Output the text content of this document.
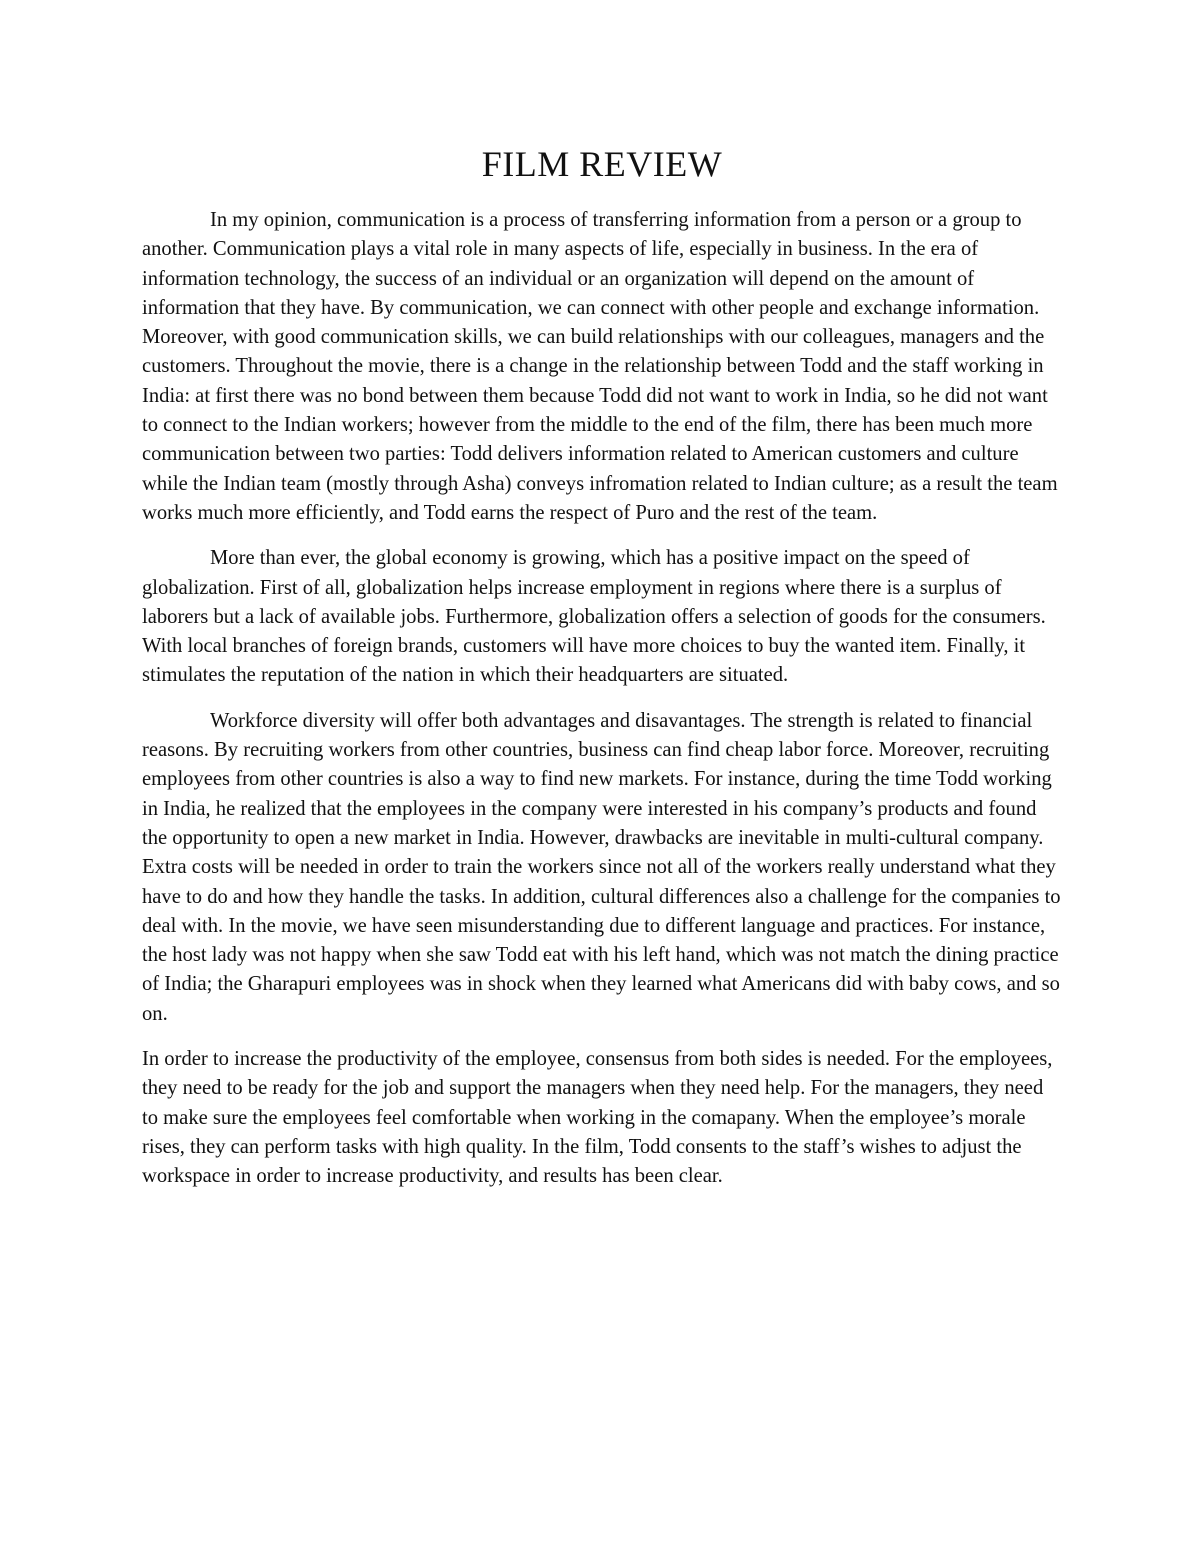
FILM REVIEW

In my opinion, communication is a process of transferring information from a person or a group to another. Communication plays a vital role in many aspects of life, especially in business. In the era of information technology, the success of an individual or an organization will depend on the amount of information that they have. By communication, we can connect with other people and exchange information. Moreover, with good communication skills, we can build relationships with our colleagues, managers and the customers. Throughout the movie, there is a change in the relationship between Todd and the staff working in India: at first there was no bond between them because Todd did not want to work in India, so he did not want to connect to the Indian workers; however from the middle to the end of the film, there has been much more communication between two parties: Todd delivers information related to American customers and culture while the Indian team (mostly through Asha) conveys infromation related to Indian culture; as a result the team works much more efficiently, and Todd earns the respect of Puro and the rest of the team.

More than ever, the global economy is growing, which has a positive impact on the speed of globalization. First of all, globalization helps increase employment in regions where there is a surplus of laborers but a lack of available jobs. Furthermore, globalization offers a selection of goods for the consumers. With local branches of foreign brands, customers will have more choices to buy the wanted item. Finally, it stimulates the reputation of the nation in which their headquarters are situated.

Workforce diversity will offer both advantages and disavantages. The strength is related to financial reasons. By recruiting workers from other countries, business can find cheap labor force. Moreover, recruiting employees from other countries is also a way to find new markets. For instance, during the time Todd working in India, he realized that the employees in the company were interested in his company’s products and found the opportunity to open a new market in India. However, drawbacks are inevitable in multi-cultural company. Extra costs will be needed in order to train the workers since not all of the workers really understand what they have to do and how they handle the tasks. In addition, cultural differences also a challenge for the companies to deal with. In the movie, we have seen misunderstanding due to different language and practices. For instance, the host lady was not happy when she saw Todd eat with his left hand, which was not match the dining practice of India; the Gharapuri employees was in shock when they learned what Americans did with baby cows, and so on.

In order to increase the productivity of the employee, consensus from both sides is needed. For the employees, they need to be ready for the job and support the managers when they need help. For the managers, they need to make sure the employees feel comfortable when working in the comapany. When the employee’s morale rises, they can perform tasks with high quality. In the film, Todd consents to the staff’s wishes to adjust the workspace in order to increase productivity, and results has been clear.
